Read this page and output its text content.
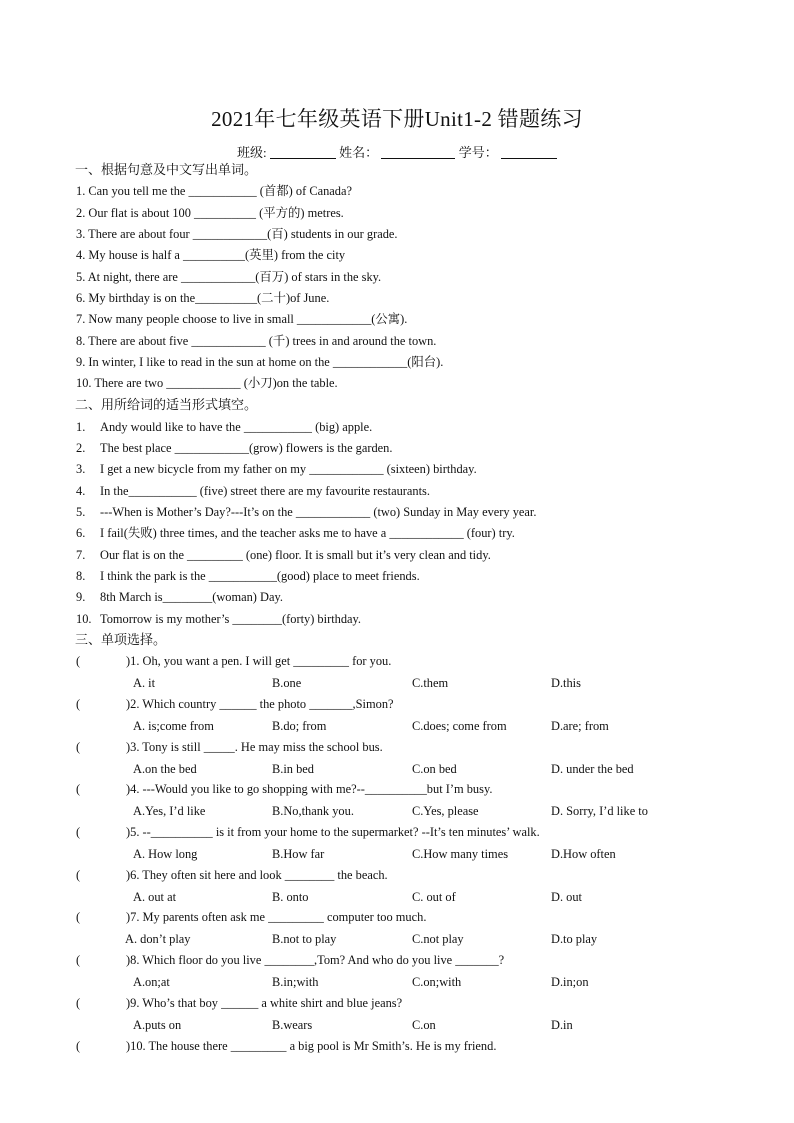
2021年七年级英语下册Unit1-2 错题练习
班级:	姓名：	学号：
一、根据句意及中文写出单词。
1. Can you tell me the ___________ (首都) of Canada?
2. Our flat is about 100 __________ (平方的) metres.
3. There are about four ____________(百) students in our grade.
4. My house is half a __________(英里) from the city
5. At night, there are ____________(百万) of stars in the sky.
6. My birthday is on the__________(二十)of June.
7. Now many people choose to live in small ____________(公寓).
8. There are about five ____________ (千) trees in and around the town.
9. In winter, I like to read in the sun at home on the ____________(阳台).
10. There are two ____________ (小刀)on the table.
二、用所给词的适当形式填空。
1. Andy would like to have the ___________ (big) apple.
2. The best place ____________(grow) flowers is the garden.
3. I get a new bicycle from my father on my ____________ (sixteen) birthday.
4. In the___________ (five) street there are my favourite restaurants.
5. ---When is Mother’s Day?---It’s on the ____________ (two) Sunday in May every year.
6. I fail(失败) three times, and the teacher asks me to have a ____________ (four) try.
7. Our flat is on the _________ (one) floor. It is small but it’s very clean and tidy.
8. I think the park is the ___________(good) place to meet friends.
9. 8th March is________(woman) Day.
10. Tomorrow is my mother’s ________(forty) birthday.
三、单项选择。
(	)1. Oh, you want a pen. I will get _________ for you.
A. it	B.one	C.them	D.this
(	)2. Which country ______ the photo _______,Simon?
A. is;come from	B.do; from	C.does; come from	D.are; from
(	)3. Tony is still _____. He may miss the school bus.
A.on the bed	B.in bed	C.on bed	D. under the bed
(	)4. ---Would you like to go shopping with me?--__________but I’m busy.
A.Yes, I’d like	B.No,thank you.	C.Yes, please	D. Sorry, I’d like to
(	)5. --__________ is it from your home to the supermarket? --It’s ten minutes’ walk.
A. How long	B.How far	C.How many times	D.How often
(	)6. They often sit here and look ________ the beach.
A. out at	B. onto	C. out of	D. out
(	)7. My parents often ask me _________ computer too much.
A. don’t play	B.not to play	C.not play	D.to play
(	)8. Which floor do you live ________,Tom? And who do you live _______?
A.on;at	B.in;with	C.on;with	D.in;on
(	)9. Who’s that boy ______ a white shirt and blue jeans?
A.puts on	B.wears	C.on	D.in
(	)10. The house there _________ a big pool is Mr Smith’s. He is my friend.
